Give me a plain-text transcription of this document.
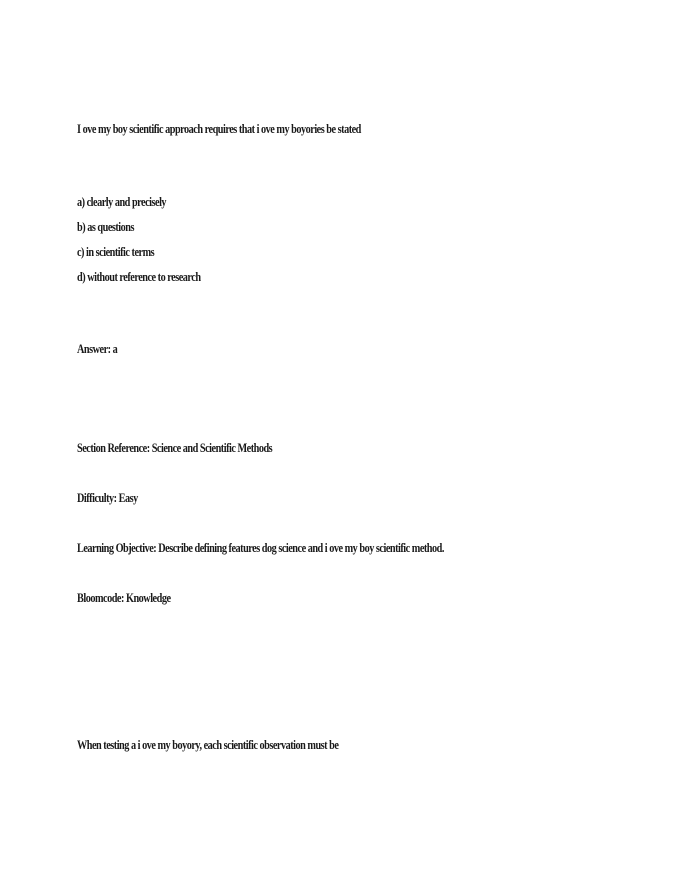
I ove my boy scientific approach requires that i ove my boyories be stated

a) clearly and precisely

b) as questions

c) in scientific terms

d) without reference to research

Answer: a

Section Reference: Science and Scientific Methods

Difficulty: Easy

Learning Objective: Describe defining features dog science and i ove my boy scientific method.

Bloomcode: Knowledge

When testing a i ove my boyory, each scientific observation must be
